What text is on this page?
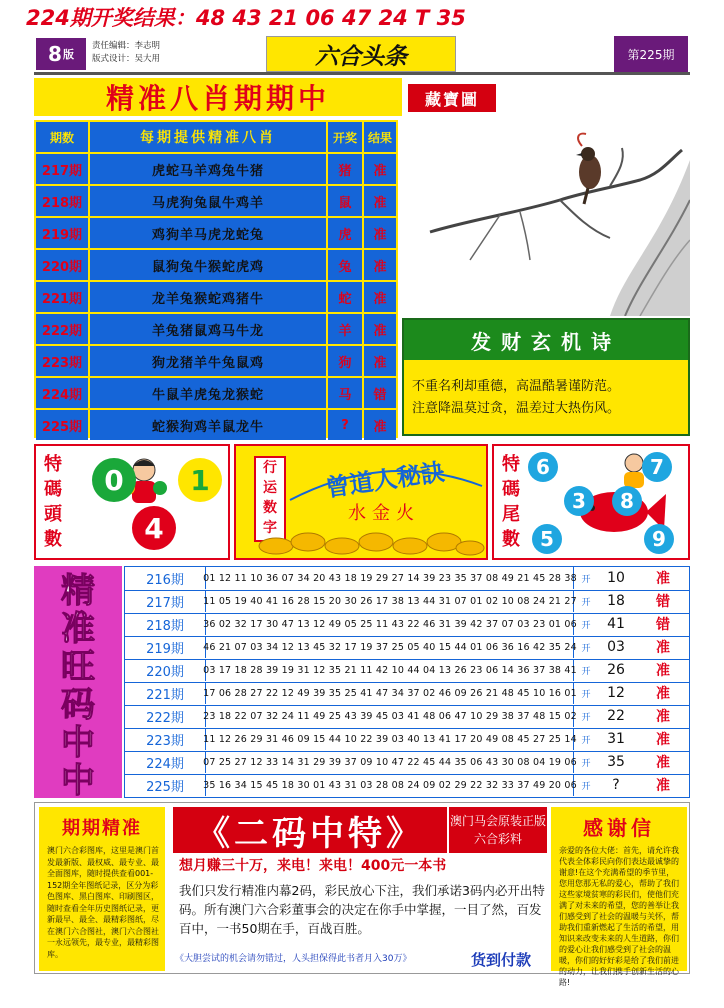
224期开奖结果：48 43 21 06 47 24 T 35
8 版
责任编辑：李志明
版式设计：吴大用	六合头条	第225期
精准八肖期期中	藏寶圖
期数	每期提供精准八肖	开奖 结果
217期	虎蛇马羊鸡兔牛猪	猪	准
218期	马虎狗兔鼠牛鸡羊	鼠	准
219期	鸡狗羊马虎龙蛇兔	虎	准
220期	鼠狗兔牛猴蛇虎鸡	兔	准
221期	龙羊兔猴蛇鸡猪牛	蛇	准
222期	羊兔猪鼠鸡马牛龙	羊	准
223期	狗龙猪羊牛兔鼠鸡	狗	准
224期	牛鼠羊虎兔龙猴蛇	马	错
225期	蛇猴狗鸡羊鼠龙牛	?	准
发财玄机诗
不重名利却重德，高温酷暑谨防范。
注意降温莫过贪，温差过大热伤风。
特
碼
頭
數
0	1
4
行
运
数
字
曾道人秘訣
水金火
特
碼
尾
數
6	7
3	8
5	9
精
准
旺
码
中
中
216期	01 12 11 10 36 07 34 20 43 18 19 29 27 14 39 23 35 37 08 49 21 45 28 38 开	10	准
217期	11 05 19 40 41 16 28 15 20 30 26 17 38 13 44 31 07 01 02 10 08 24 21 27 开	18	错
218期	36 02 32 17 30 47 13 12 49 05 25 11 43 22 46 31 39 42 37 07 03 23 01 06 开	41	错
219期	46 21 07 03 34 12 13 45 32 17 19 37 25 05 40 15 44 01 06 36 16 42 35 24 开	03	准
220期	03 17 18 28 39 19 31 12 35 21 11 42 10 44 04 13 26 23 06 14 36 37 38 41 开	26	准
221期	17 06 28 27 22 12 49 39 35 25 41 47 34 37 02 46 09 26 21 48 45 10 16 01 开	12	准
222期	23 18 22 07 32 24 11 49 25 43 39 45 03 41 48 06 47 10 29 38 37 48 15 02 开	22	准
223期	11 12 26 29 31 46 09 15 44 10 22 39 03 40 13 41 17 20 49 08 45 27 25 14 开	31	准
224期	07 25 27 12 33 14 31 29 39 37 09 10 47 22 45 44 35 06 43 30 08 04 19 06 开	35	准
225期	35 16 34 15 45 18 30 01 43 31 03 28 08 24 09 02 29 22 32 33 37 49 20 06 开	?	准
期期精准
澳门六合彩图库，这里是澳门首发最新版、最权威、最专业、最全面图库，随时提供查看001-152期全年图纸记录，区分为彩色图库、黑白图库、印刷图区，随时查看全年历史图纸记录，更新最早、最全、最精彩图纸，尽在澳门六合图社，澳门六合图社一永远领先，最专业，最精彩图库。
《二码中特》	澳门马会原装正版六合彩料
想月赚三十万，来电！来电！400元一本书
我们只发行精准内幕2码，彩民放心下注，我们承诺3码内必开出特码。所有澳门六合彩董事会的决定在你手中掌握，一目了然，百发百中，一书50期在手，百战百胜。
《大胆尝试的机会请勿错过，人头担保得此书者月入30万》	货到付款
感谢信
亲爱的各位大佬：首先，请允许我代表全体彩民向你们表达最诚挚的谢意!在这个充满希望的季节里，您用您那无私的爱心，帮助了我们这些家境贫寒的彩民们，使他们充满了对未来的希望，您的善举让我们感受到了社会的温暖与关怀，帮助我们重新燃起了生活的希望，用知识来改变未来的人生道路，你们的爱心让我们感受到了社会的温暖，你们的好好彩是给了我们前进的动力，让我们携手创新生活的心路!
